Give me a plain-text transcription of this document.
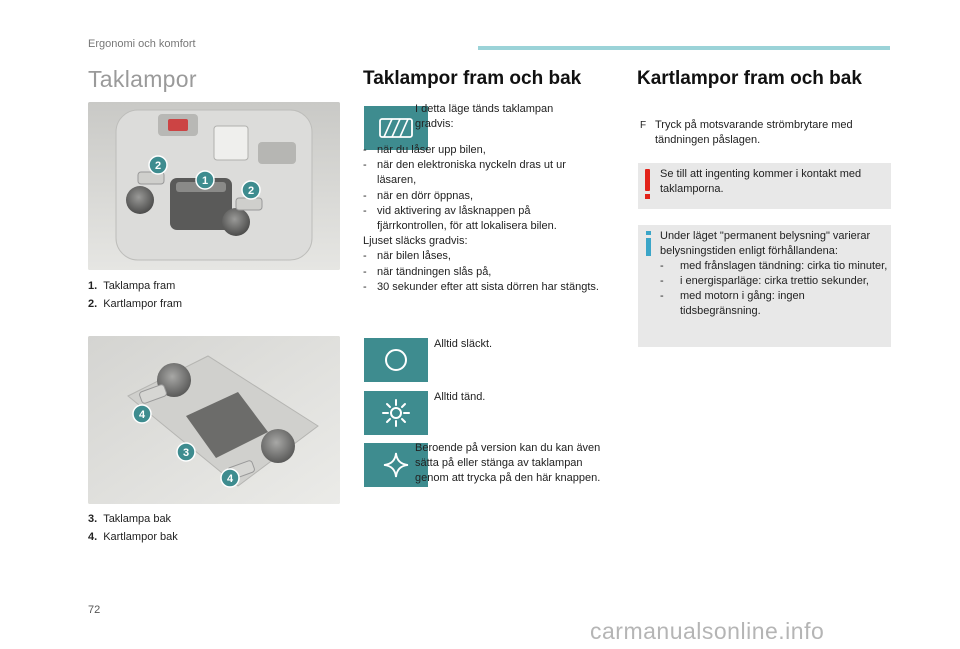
Ergonomi och komfort
Taklampor
2
1
2
1. Taklampa fram
2. Kartlampor fram
4
3
4
3. Taklampa bak
4. Kartlampor bak
Taklampor fram och bak
I detta läge tänds taklampan gradvis:
- när du låser upp bilen,
- när den elektroniska nyckeln dras ut ur läsaren,
- när en dörr öppnas,
- vid aktivering av låsknappen på fjärrkontrollen, för att lokalisera bilen.
Ljuset släcks gradvis:
- när bilen låses,
- när tändningen slås på,
- 30 sekunder efter att sista dörren har stängts.
Alltid släckt.
Alltid tänd.
Beroende på version kan du kan även sätta på eller stänga av taklampan genom att trycka på den här knappen.
Kartlampor fram och bak
F Tryck på motsvarande strömbrytare med tändningen påslagen.
Se till att ingenting kommer i kontakt med taklamporna.
Under läget "permanent belysning" varierar belysningstiden enligt förhållandena:
- med frånslagen tändning: cirka tio minuter,
- i energisparläge: cirka trettio sekunder,
- med motorn i gång: ingen tidsbegränsning.
72
carmanualsonline.info
